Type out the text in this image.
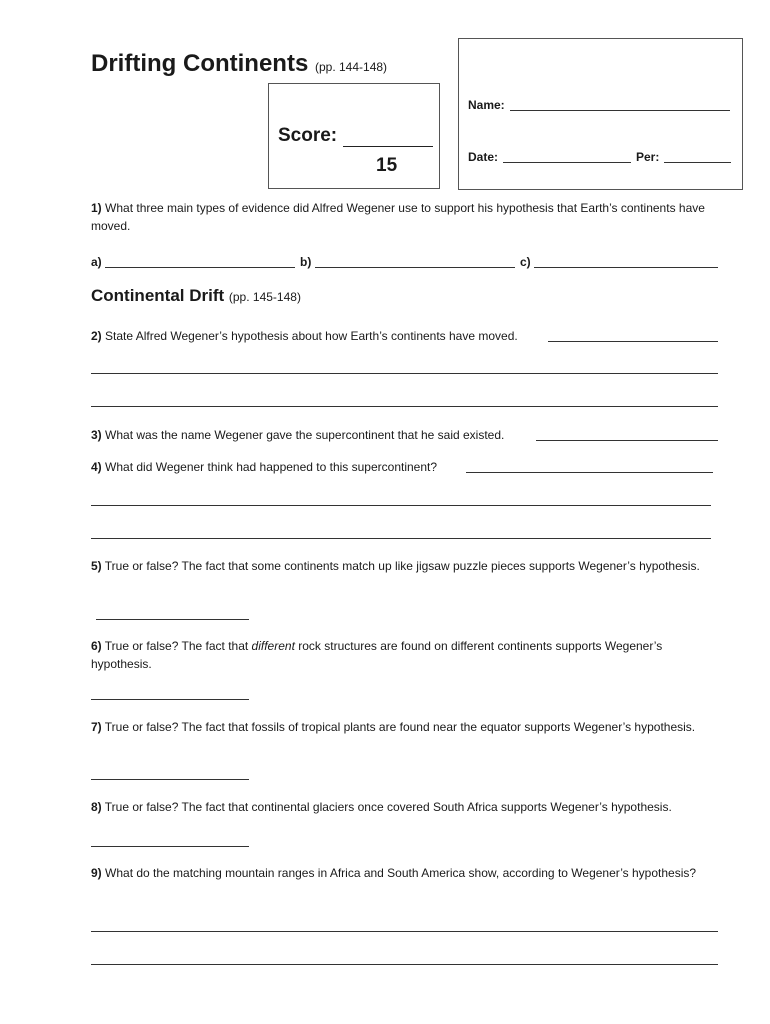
Drifting Continents (pp. 144-148)
Score:
15
Name:
Date:	Per:
1) What three main types of evidence did Alfred Wegener use to support his hypothesis that Earth’s continents have moved.
a)	b)	c)
Continental Drift (pp. 145-148)
2) State Alfred Wegener’s hypothesis about how Earth’s continents have moved.
3) What was the name Wegener gave the supercontinent that he said existed.
4) What did Wegener think had happened to this supercontinent?
5) True or false? The fact that some continents match up like jigsaw puzzle pieces supports Wegener’s hypothesis.
6) True or false? The fact that different rock structures are found on different continents supports Wegener’s hypothesis.
7) True or false? The fact that fossils of tropical plants are found near the equator supports Wegener’s hypothesis.
8) True or false? The fact that continental glaciers once covered South Africa supports Wegener’s hypothesis.
9) What do the matching mountain ranges in Africa and South America show, according to Wegener’s hypothesis?
